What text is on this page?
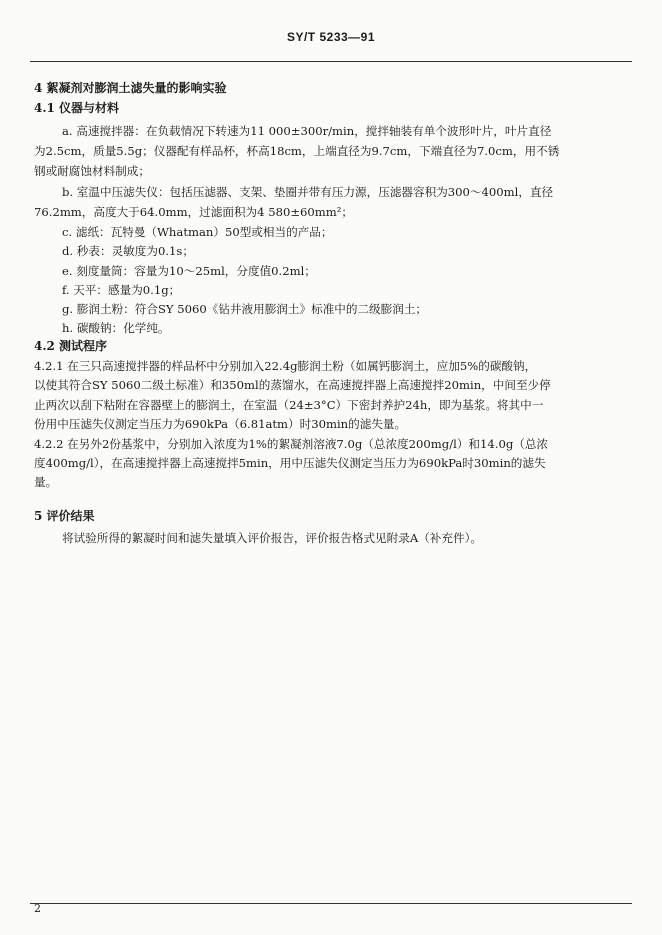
SY/T 5233—91
4 絮凝剂对膨润土滤失量的影响实验
4.1 仪器与材料
a. 高速搅拌器：在负载情况下转速为11 000±300r/min，搅拌轴装有单个波形叶片，叶片直径
为2.5cm，质量5.5g；仪器配有样品杯，杯高18cm，上端直径为9.7cm，下端直径为7.0cm，用不锈
钢或耐腐蚀材料制成；
b. 室温中压滤失仪：包括压滤器、支架、垫圈并带有压力源，压滤器容积为300～400ml，直径
76.2mm，高度大于64.0mm，过滤面积为4 580±60mm²；
c. 滤纸：瓦特曼（Whatman）50型或相当的产品；
d. 秒表：灵敏度为0.1s；
e. 刻度量筒：容量为10～25ml，分度值0.2ml；
f. 天平：感量为0.1g；
g. 膨润土粉：符合SY 5060《钻井液用膨润土》标准中的二级膨润土；
h. 碳酸钠：化学纯。
4.2 测试程序
4.2.1 在三只高速搅拌器的样品杯中分别加入22.4g膨润土粉（如属钙膨润土，应加5%的碳酸钠，
以使其符合SY 5060二级土标准）和350ml的蒸馏水，在高速搅拌器上高速搅拌20min，中间至少停
止两次以刮下粘附在容器壁上的膨润土，在室温（24±3°C）下密封养护24h，即为基浆。将其中一
份用中压滤失仪测定当压力为690kPa（6.81atm）时30min的滤失量。
4.2.2 在另外2份基浆中，分别加入浓度为1%的絮凝剂溶液7.0g（总浓度200mg/l）和14.0g（总浓
度400mg/l），在高速搅拌器上高速搅拌5min，用中压滤失仪测定当压力为690kPa时30min的滤失
量。
5 评价结果
将试验所得的絮凝时间和滤失量填入评价报告，评价报告格式见附录A（补充件）。
2
